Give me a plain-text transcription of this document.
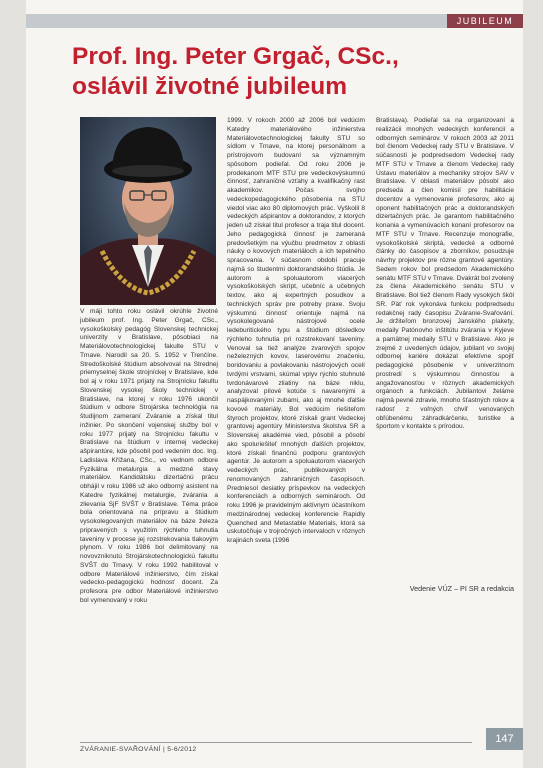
JUBILEUM
Prof. Ing. Peter Grgač, CSc.,
oslávil životné jubileum
V máji tohto roku oslávil okrúhle životné jubileum prof. Ing. Peter Grgač, CSc., vysokoškolský pedagóg Slovenskej technickej univerzity v Bratislave, pôsobiaci na Materiálovotechnologickej fakulte STU v Trnave. Narodil sa 20. 5. 1952 v Trenčíne. Stredoškolské štúdium absolvoval na Strednej priemyselnej škole strojníckej v Bratislave, kde bol aj v roku 1971 prijatý na Strojnícku fakultu Slovenskej vysokej školy technickej v Bratislave, na ktorej v roku 1976 ukončil štúdium v odbore Strojárska technológia na študijnom zameraní Zváranie a získal titul inžinier. Po skončení vojenskej služby bol v roku 1977 prijatý na Strojnícku fakultu v Bratislave na štúdium v internej vedeckej ašpirantúre, kde pôsobil pod vedením doc. Ing. Ladislava Křížana, CSc., vo vednom odbore Fyzikálna metalurgia a medzné stavy materiálov. Kandidátsku dizertačnú prácu obhájil v roku 1986 už ako odborný asistent na Katedre fyzikálnej metalurgie, zvárania a zlievania SjF SVŠT v Bratislave. Téma práce bola orientovaná na prípravu a štúdium vysokolegovaných materiálov na báze železa pripravených s využitím rýchleho tuhnutia taveniny v procese jej rozstrekovania tlakovým plynom. V roku 1986 bol delimitovaný na novovzniknutú Strojárskotechnologickú fakultu SVŠT do Trnavy. V roku 1992 habilitoval v odbore Materiálové inžinierstvo, čím získal vedecko-pedagogickú hodnosť docent. Za profesora pre odbor Materiálové inžinierstvo bol vymenovaný v roku
1999. V rokoch 2000 až 2006 bol vedúcim Katedry materiálového inžinierstva Materiálovotechnologickej fakulty STU so sídlom v Trnave, na ktorej personálnom a prístrojovom budovaní sa významným spôsobom podieľal. Od roku 2006 je prodekanom MTF STU pre vedeckovýskumnú činnosť, zahraničné vzťahy a kvalifikačný rast akademikov. Počas svojho vedeckopedagogického pôsobenia na STU viedol viac ako 80 diplomových prác. Vyškolil 8 vedeckých ašpirantov a doktorandov, z ktorých jeden už získal titul profesor a traja titul docent. Jeho pedagogická činnosť je zameraná predovšetkým na výučbu predmetov z oblasti náuky o kovových materiáloch a ich tepelného spracovania. V súčasnom období pracuje najmä so študentmi doktorandského štúdia. Je autorom a spoluautorom viacerých vysokoškolských skrípt, učebníc a učebných textov, ako aj expertných posudkov a technických správ pre potreby praxe. Svoju výskumnú činnosť orientuje najmä na vysokolegované nástrojové ocele ledeburitického typu a štúdium dôsledkov rýchleho tuhnutia pri rozstrekovaní taveniny. Venoval sa tiež analýze zvarových spojov neželezných kovov, laserovému značeniu, boridovaniu a povlakovaniu nástrojových ocelí tvrdými vrstvami, skúmal vplyv rýchlo stuhnuté tvrdonávarové zliatiny na báze niklu, analyzoval pílové kotúče s navarenými a naspájkovanými zubami, ako aj mnohé ďalšie kovové materiály. Bol vedúcim riešiteľom štyroch projektov, ktoré získali grant Vedeckej grantovej agentúry Ministerstva školstva SR a Slovenskej akadémie vied, pôsobil a pôsobí ako spoluriešiteľ mnohých ďalších projektov, ktoré získali finančnú podporu grantových agentúr. Je autorom a spoluautorom viacerých vedeckých prác, publikovaných v renomovaných zahraničných časopisoch. Predniesol desiatky príspevkov na vedeckých konferenciách a odborných seminároch. Od roku 1996 je pravidelným aktívnym účastníkom medzinárodnej vedeckej konferencie Rapidly Quenched and Metastable Materials, ktorá sa uskutočňuje v trojročných intervaloch v rôznych krajinách sveta (1996
Bratislava). Podieľal sa na organizovaní a realizácii mnohých vedeckých konferencií a odborných seminárov. V rokoch 2003 až 2011 bol členom Vedeckej rady STU v Bratislave. V súčasnosti je podpredsedom Vedeckej rady MTF STU v Trnave a členom Vedeckej rady Ústavu materiálov a mechaniky strojov SAV v Bratislave. V oblasti materiálov pôsobí ako predseda a člen komisií pre habilitácie docentov a vymenovanie profesorov, ako aj oponent habilitačných prác a doktorandských dizertačných prác. Je garantom habilitačného konania a vymenúvacích konaní profesorov na MTF STU v Trnave. Recenzuje monografie, vysokoškolské skriptá, vedecké a odborné články do časopisov a zborníkov, posudzuje návrhy projektov pre rôzne grantové agentúry. Sedem rokov bol predsedom Akademického senátu MTF STU v Trnave. Dvakrát bol zvolený za člena Akademického senátu STU v Bratislave. Bol tiež členom Rady vysokých škôl SR. Päť rok vykonáva funkciu podpredsedu redakčnej rady časopisu Zváranie-Svařování. Je držiteľom bronzovej Janského plakety, medaily Patónovho inštitútu zvárania v Kyjeve a pamätnej medaily STU v Bratislave. Ako je zrejmé z uvedených údajov, jubilant vo svojej odbornej kariére dokázal efektívne spojiť pedagogické pôsobenie v univerzitnom prostredí s výskumnou činnosťou a angažovanosťou v rôznych akademických orgánoch a funkciách. Jubilantovi želáme najmä pevné zdravie, mnoho šťastných rokov a radosť z voľných chvíľ venovaných obľúbenému záhradkárčeniu, turistike a športom v kontakte s prírodou.
Vedenie VÚZ – PI SR a redakcia
ZVÁRANIE-SVAŘOVÁNÍ | 5-6/2012
147
